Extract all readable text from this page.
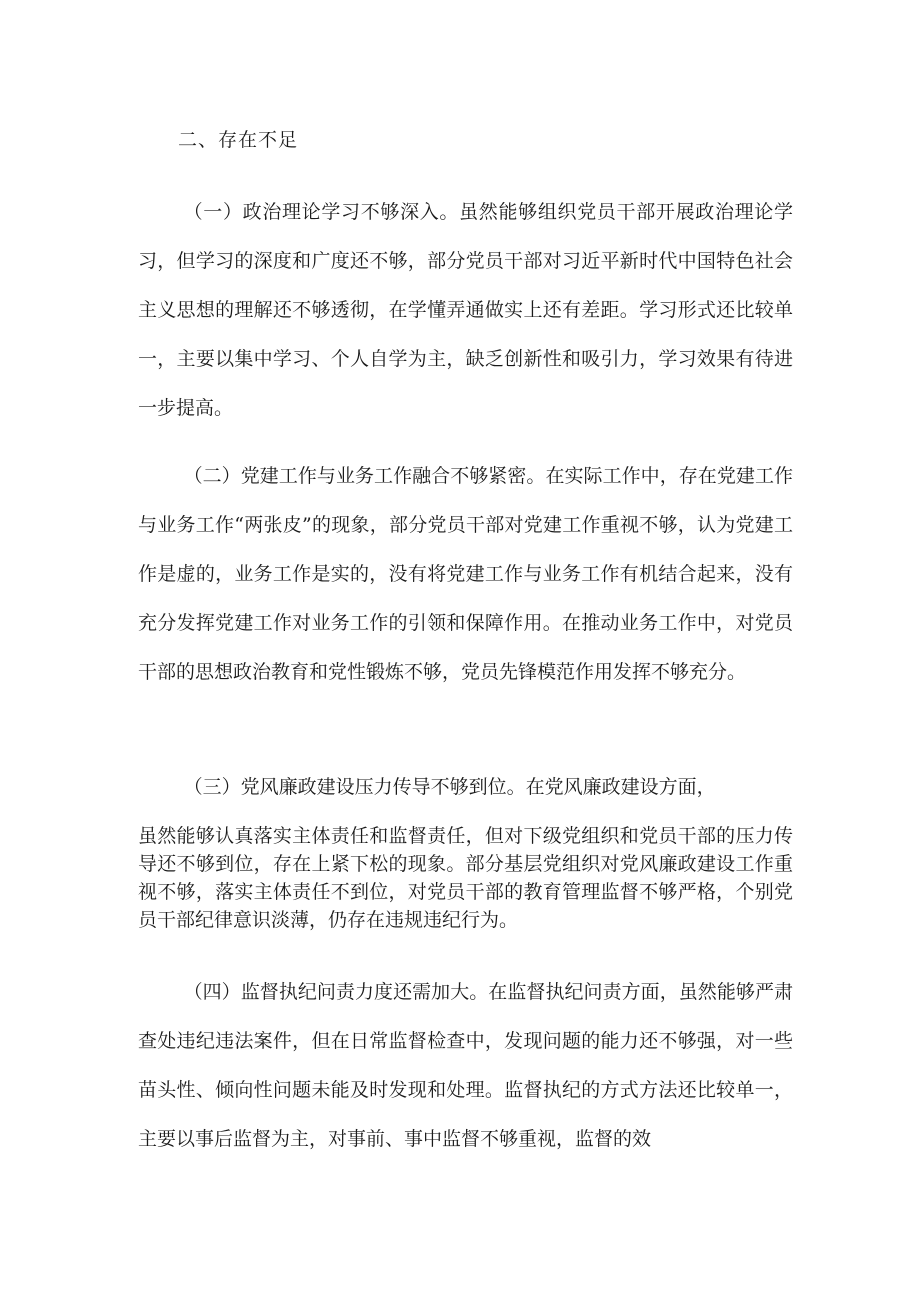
二、存在不足

（一）政治理论学习不够深入。虽然能够组织党员干部开展政治理论学习，但学习的深度和广度还不够，部分党员干部对习近平新时代中国特色社会主义思想的理解还不够透彻，在学懂弄通做实上还有差距。学习形式还比较单一，主要以集中学习、个人自学为主，缺乏创新性和吸引力，学习效果有待进一步提高。

（二）党建工作与业务工作融合不够紧密。在实际工作中，存在党建工作与业务工作“两张皮”的现象，部分党员干部对党建工作重视不够，认为党建工作是虚的，业务工作是实的，没有将党建工作与业务工作有机结合起来，没有充分发挥党建工作对业务工作的引领和保障作用。在推动业务工作中，对党员干部的思想政治教育和党性锻炼不够，党员先锋模范作用发挥不够充分。

（三）党风廉政建设压力传导不够到位。在党风廉政建设方面，

虽然能够认真落实主体责任和监督责任，但对下级党组织和党员干部的压力传导还不够到位，存在上紧下松的现象。部分基层党组织对党风廉政建设工作重视不够，落实主体责任不到位，对党员干部的教育管理监督不够严格，个别党员干部纪律意识淡薄，仍存在违规违纪行为。

（四）监督执纪问责力度还需加大。在监督执纪问责方面，虽然能够严肃查处违纪违法案件，但在日常监督检查中，发现问题的能力还不够强，对一些苗头性、倾向性问题未能及时发现和处理。监督执纪的方式方法还比较单一，主要以事后监督为主，对事前、事中监督不够重视，监督的效
